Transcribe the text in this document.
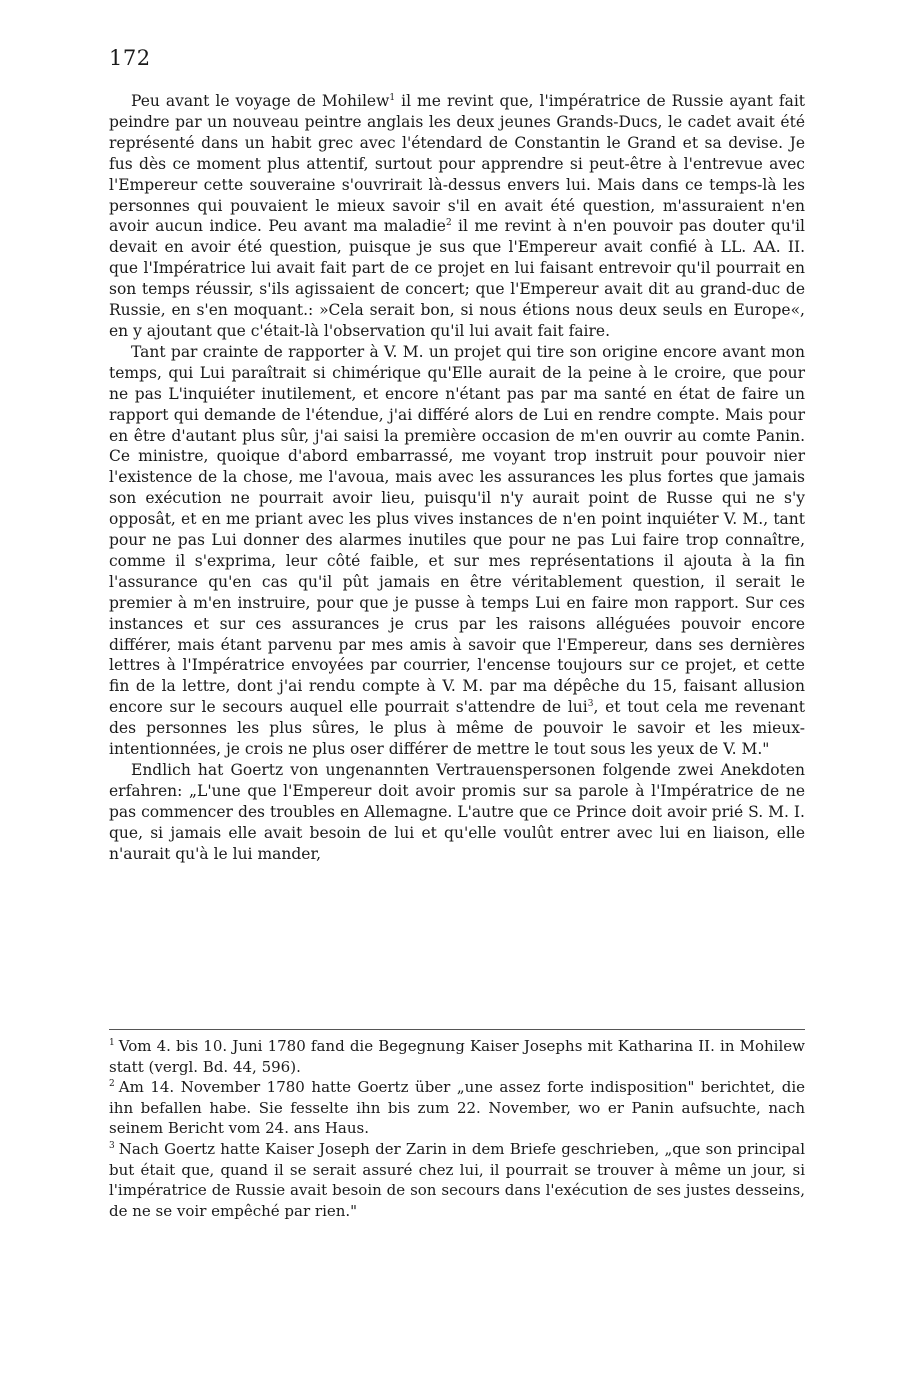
172

Peu avant le voyage de Mohilew$^1$ il me revint que, l'impératrice de Russie ayant fait peindre par un nouveau peintre anglais les deux jeunes Grands-Ducs, le cadet avait été représenté dans un habit grec avec l'étendard de Constantin le Grand et sa devise. Je fus dès ce moment plus attentif, surtout pour apprendre si peut-être à l'entrevue avec l'Empereur cette souveraine s'ouvrirait là-dessus envers lui. Mais dans ce temps-là les personnes qui pouvaient le mieux savoir s'il en avait été question, m'assuraient n'en avoir aucun indice. Peu avant ma maladie$^2$ il me revint à n'en pouvoir pas douter qu'il devait en avoir été question, puisque je sus que l'Empereur avait confié à LL. AA. II. que l'Impératrice lui avait fait part de ce projet en lui faisant entrevoir qu'il pourrait en son temps réussir, s'ils agissaient de concert; que l'Empereur avait dit au grand-duc de Russie, en s'en moquant.: »Cela serait bon, si nous étions nous deux seuls en Europe«, en y ajoutant que c'était-là l'observation qu'il lui avait fait faire.

Tant par crainte de rapporter à V. M. un projet qui tire son origine encore avant mon temps, qui Lui paraîtrait si chimérique qu'Elle aurait de la peine à le croire, que pour ne pas L'inquiéter inutilement, et encore n'étant pas par ma santé en état de faire un rapport qui demande de l'étendue, j'ai différé alors de Lui en rendre compte. Mais pour en être d'autant plus sûr, j'ai saisi la première occasion de m'en ouvrir au comte Panin. Ce ministre, quoique d'abord embarrassé, me voyant trop instruit pour pouvoir nier l'existence de la chose, me l'avoua, mais avec les assurances les plus fortes que jamais son exécution ne pourrait avoir lieu, puisqu'il n'y aurait point de Russe qui ne s'y opposât, et en me priant avec les plus vives instances de n'en point inquiéter V. M., tant pour ne pas Lui donner des alarmes inutiles que pour ne pas Lui faire trop connaître, comme il s'exprima, leur côté faible, et sur mes représentations il ajouta à la fin l'assurance qu'en cas qu'il pût jamais en être véritablement question, il serait le premier à m'en instruire, pour que je pusse à temps Lui en faire mon rapport. Sur ces instances et sur ces assurances je crus par les raisons alléguées pouvoir encore différer, mais étant parvenu par mes amis à savoir que l'Empereur, dans ses dernières lettres à l'Impératrice envoyées par courrier, l'encense toujours sur ce projet, et cette fin de la lettre, dont j'ai rendu compte à V. M. par ma dépêche du 15, faisant allusion encore sur le secours auquel elle pourrait s'attendre de lui$^3$, et tout cela me revenant des personnes les plus sûres, le plus à même de pouvoir le savoir et les mieux-intentionnées, je crois ne plus oser différer de mettre le tout sous les yeux de V. M."

Endlich hat Goertz von ungenannten Vertrauenspersonen folgende zwei Anekdoten erfahren: „L'une que l'Empereur doit avoir promis sur sa parole à l'Impératrice de ne pas commencer des troubles en Allemagne. L'autre que ce Prince doit avoir prié S. M. I. que, si jamais elle avait besoin de lui et qu'elle voulût entrer avec lui en liaison, elle n'aurait qu'à le lui mander,

$^1$ Vom 4. bis 10. Juni 1780 fand die Begegnung Kaiser Josephs mit Katharina II. in Mohilew statt (vergl. Bd. 44, 596).

$^2$ Am 14. November 1780 hatte Goertz über „une assez forte indisposition" berichtet, die ihn befallen habe. Sie fesselte ihn bis zum 22. November, wo er Panin aufsuchte, nach seinem Bericht vom 24. ans Haus.

$^3$ Nach Goertz hatte Kaiser Joseph der Zarin in dem Briefe geschrieben, „que son principal but était que, quand il se serait assuré chez lui, il pourrait se trouver à même un jour, si l'impératrice de Russie avait besoin de son secours dans l'exécution de ses justes desseins, de ne se voir empêché par rien."
